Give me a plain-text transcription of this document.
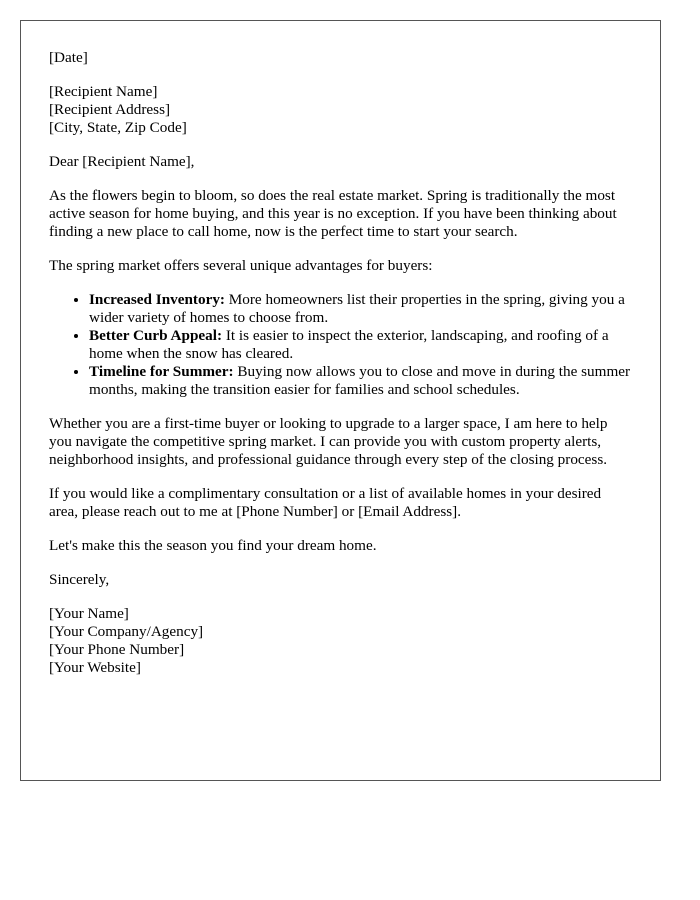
[Date]

[Recipient Name]
[Recipient Address]
[City, State, Zip Code]

Dear [Recipient Name],

As the flowers begin to bloom, so does the real estate market. Spring is traditionally the most active season for home buying, and this year is no exception. If you have been thinking about finding a new place to call home, now is the perfect time to start your search.

The spring market offers several unique advantages for buyers:

• Increased Inventory: More homeowners list their properties in the spring, giving you a wider variety of homes to choose from.
• Better Curb Appeal: It is easier to inspect the exterior, landscaping, and roofing of a home when the snow has cleared.
• Timeline for Summer: Buying now allows you to close and move in during the summer months, making the transition easier for families and school schedules.

Whether you are a first-time buyer or looking to upgrade to a larger space, I am here to help you navigate the competitive spring market. I can provide you with custom property alerts, neighborhood insights, and professional guidance through every step of the closing process.

If you would like a complimentary consultation or a list of available homes in your desired area, please reach out to me at [Phone Number] or [Email Address].

Let's make this the season you find your dream home.

Sincerely,

[Your Name]
[Your Company/Agency]
[Your Phone Number]
[Your Website]
